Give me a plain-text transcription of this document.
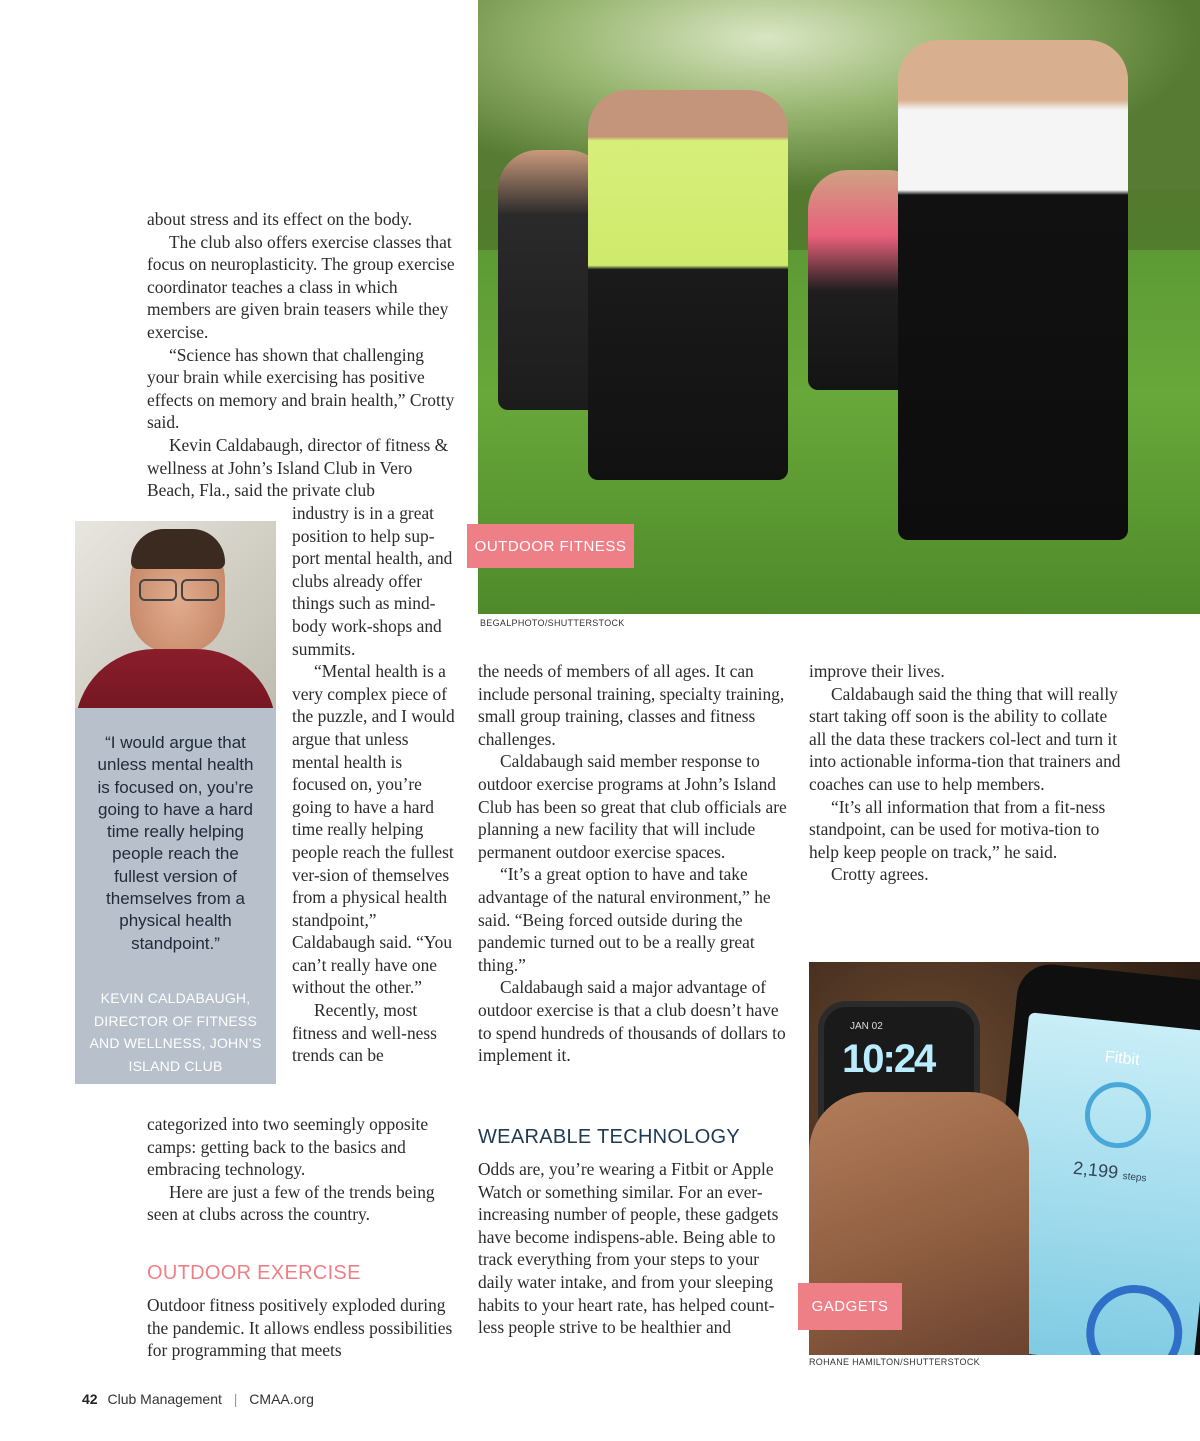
OUTDOOR FITNESS
BEGALPHOTO/SHUTTERSTOCK

about stress and its effect on the body.

The club also offers exercise classes that focus on neuroplasticity. The group exercise coordinator teaches a class in which members are given brain teasers while they exercise.

“Science has shown that challenging your brain while exercising has positive effects on memory and brain health,” Crotty said.

Kevin Caldabaugh, director of fitness & wellness at John’s Island Club in Vero Beach, Fla., said the private club

industry is in a great position to help sup-port mental health, and clubs already offer things such as mind-body work-shops and summits.

“Mental health is a very complex piece of the puzzle, and I would argue that unless mental health is focused on, you’re going to have a hard time really helping people reach the fullest ver-sion of themselves from a physical health standpoint,” Caldabaugh said. “You can’t really have one without the other.”

Recently, most fitness and well-ness trends can be

categorized into two seemingly opposite camps: getting back to the basics and embracing technology.

Here are just a few of the trends being seen at clubs across the country.

OUTDOOR EXERCISE

Outdoor fitness positively exploded during the pandemic. It allows endless possibilities for programming that meets

“I would argue that unless mental health is focused on, you’re going to have a hard time really helping people reach the fullest version of themselves from a physical health standpoint.”
KEVIN CALDABAUGH, DIRECTOR OF FITNESS AND WELLNESS, JOHN’S ISLAND CLUB

the needs of members of all ages. It can include personal training, specialty training, small group training, classes and fitness challenges.

Caldabaugh said member response to outdoor exercise programs at John’s Island Club has been so great that club officials are planning a new facility that will include permanent outdoor exercise spaces.

“It’s a great option to have and take advantage of the natural environment,” he said. “Being forced outside during the pandemic turned out to be a really great thing.”

Caldabaugh said a major advantage of outdoor exercise is that a club doesn’t have to spend hundreds of thousands of dollars to implement it.

WEARABLE TECHNOLOGY

Odds are, you’re wearing a Fitbit or Apple Watch or something similar. For an ever-increasing number of people, these gadgets have become indispens-able. Being able to track everything from your steps to your daily water intake, and from your sleeping habits to your heart rate, has helped count-less people strive to be healthier and

improve their lives.

Caldabaugh said the thing that will really start taking off soon is the ability to collate all the data these trackers col-lect and turn it into actionable informa-tion that trainers and coaches can use to help members.

“It’s all information that from a fit-ness standpoint, can be used for motiva-tion to help keep people on track,” he said.

Crotty agrees.

JAN 02
10:24	Fitbit
2,199 steps
GADGETS
ROHANE HAMILTON/SHUTTERSTOCK
42 Club Management | CMAA.org
